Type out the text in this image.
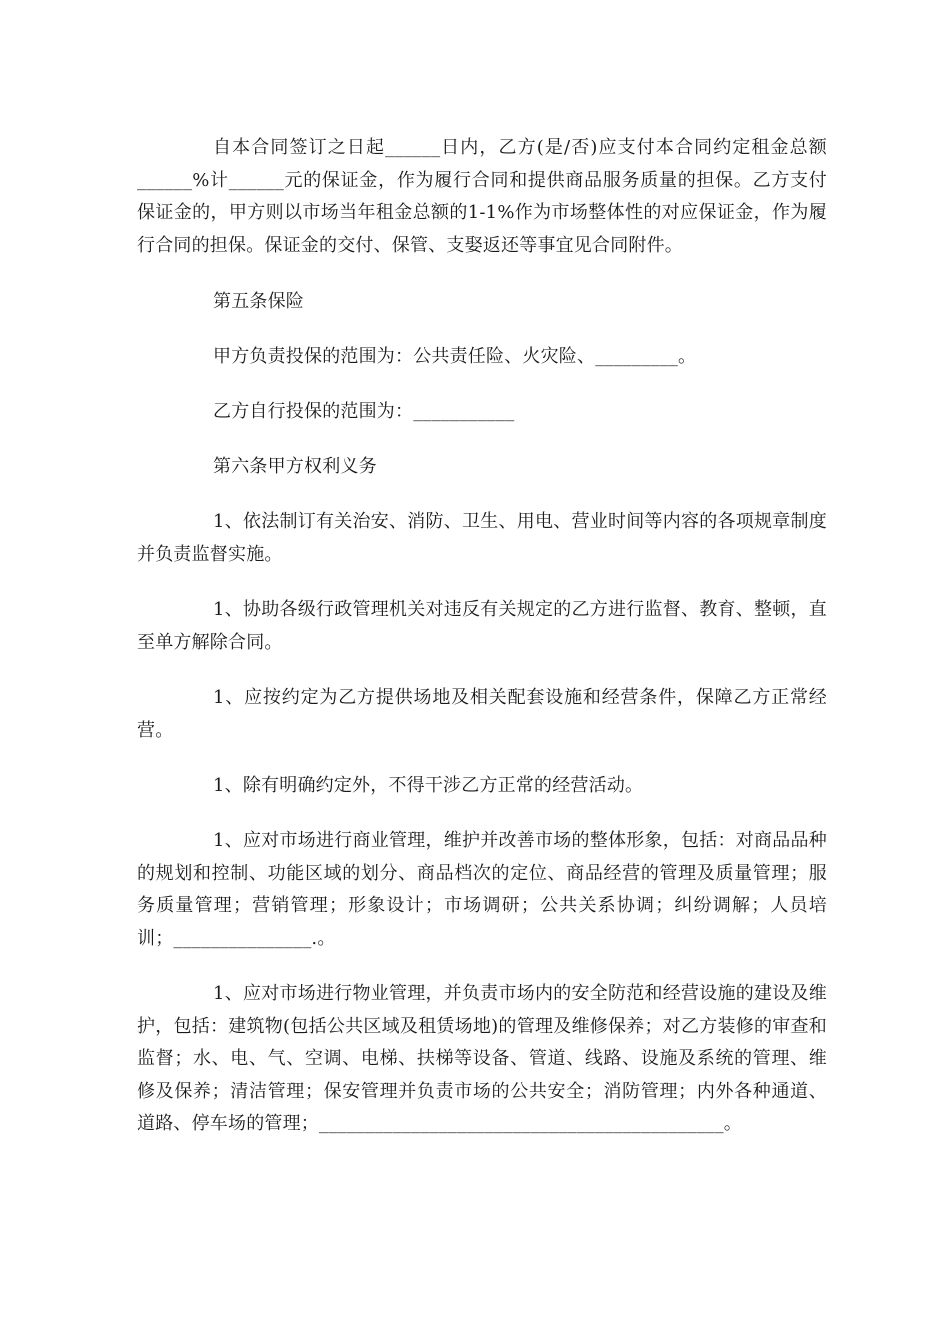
自本合同签订之日起______日内，乙方(是/否)应支付本合同约定租金总额______%计______元的保证金，作为履行合同和提供商品服务质量的担保。乙方支付保证金的，甲方则以市场当年租金总额的1-1%作为市场整体性的对应保证金，作为履行合同的担保。保证金的交付、保管、支娶返还等事宜见合同附件。

第五条保险

甲方负责投保的范围为：公共责任险、火灾险、_________。

乙方自行投保的范围为：___________

第六条甲方权利义务

1、依法制订有关治安、消防、卫生、用电、营业时间等内容的各项规章制度并负责监督实施。

1、协助各级行政管理机关对违反有关规定的乙方进行监督、教育、整顿，直至单方解除合同。

1、应按约定为乙方提供场地及相关配套设施和经营条件，保障乙方正常经营。

1、除有明确约定外，不得干涉乙方正常的经营活动。

1、应对市场进行商业管理，维护并改善市场的整体形象，包括：对商品品种的规划和控制、功能区域的划分、商品档次的定位、商品经营的管理及质量管理；服务质量管理；营销管理；形象设计；市场调研；公共关系协调；纠纷调解；人员培训；_______________.。

1、应对市场进行物业管理，并负责市场内的安全防范和经营设施的建设及维护，包括：建筑物(包括公共区域及租赁场地)的管理及维修保养；对乙方装修的审查和监督；水、电、气、空调、电梯、扶梯等设备、管道、线路、设施及系统的管理、维修及保养；清洁管理；保安管理并负责市场的公共安全；消防管理；内外各种通道、道路、停车场的管理；____________________________________________。
